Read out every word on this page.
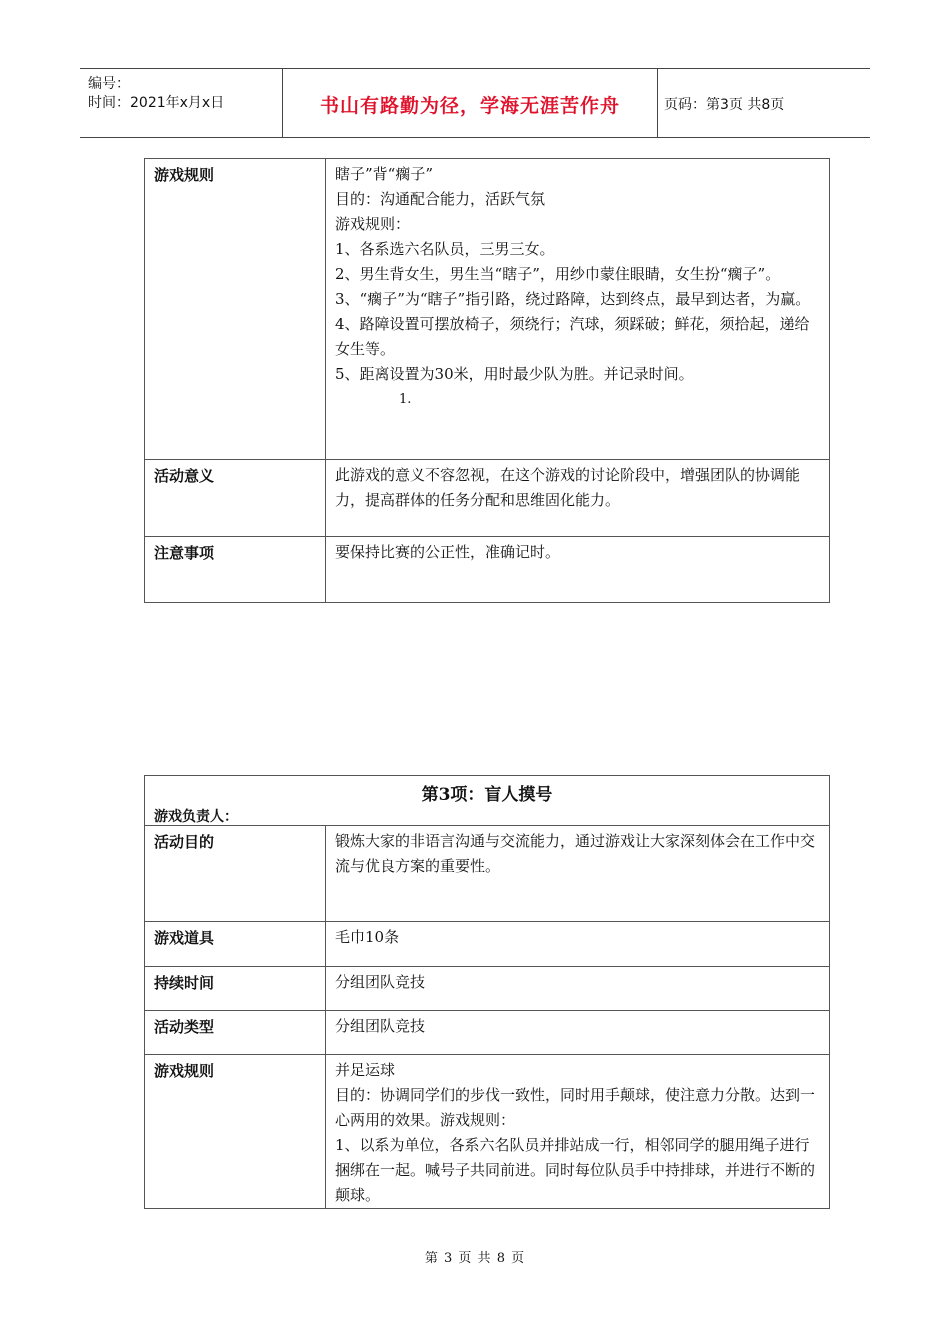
编号：
时间：2021年x月x日	书山有路勤为径，学海无涯苦作舟	页码：第3页 共8页
游戏规则	瞎子”背“瘸子”

目的：沟通配合能力，活跃气氛

游戏规则：

1、各系选六名队员，三男三女。

2、男生背女生，男生当“瞎子”，用纱巾蒙住眼睛，女生扮“瘸子”。

3、“瘸子”为“瞎子”指引路，绕过路障，达到终点，最早到达者，为赢。

4、路障设置可摆放椅子，须绕行；汽球，须踩破；鲜花，须拾起，递给女生等。

5、距离设置为30米，用时最少队为胜。并记录时间。

1.

活动意义	此游戏的意义不容忽视，在这个游戏的讨论阶段中，增强团队的协调能力，提高群体的任务分配和思维固化能力。
注意事项	要保持比赛的公正性，准确记时。
第3项：盲人摸号
游戏负责人：
活动目的	锻炼大家的非语言沟通与交流能力，通过游戏让大家深刻体会在工作中交流与优良方案的重要性。
游戏道具	毛巾10条
持续时间	分组团队竞技
活动类型	分组团队竞技
游戏规则	并足运球

目的：协调同学们的步伐一致性，同时用手颠球，使注意力分散。达到一心两用的效果。游戏规则：

1、以系为单位，各系六名队员并排站成一行，相邻同学的腿用绳子进行捆绑在一起。喊号子共同前进。同时每位队员手中持排球，并进行不断的颠球。

第 3 页 共 8 页
